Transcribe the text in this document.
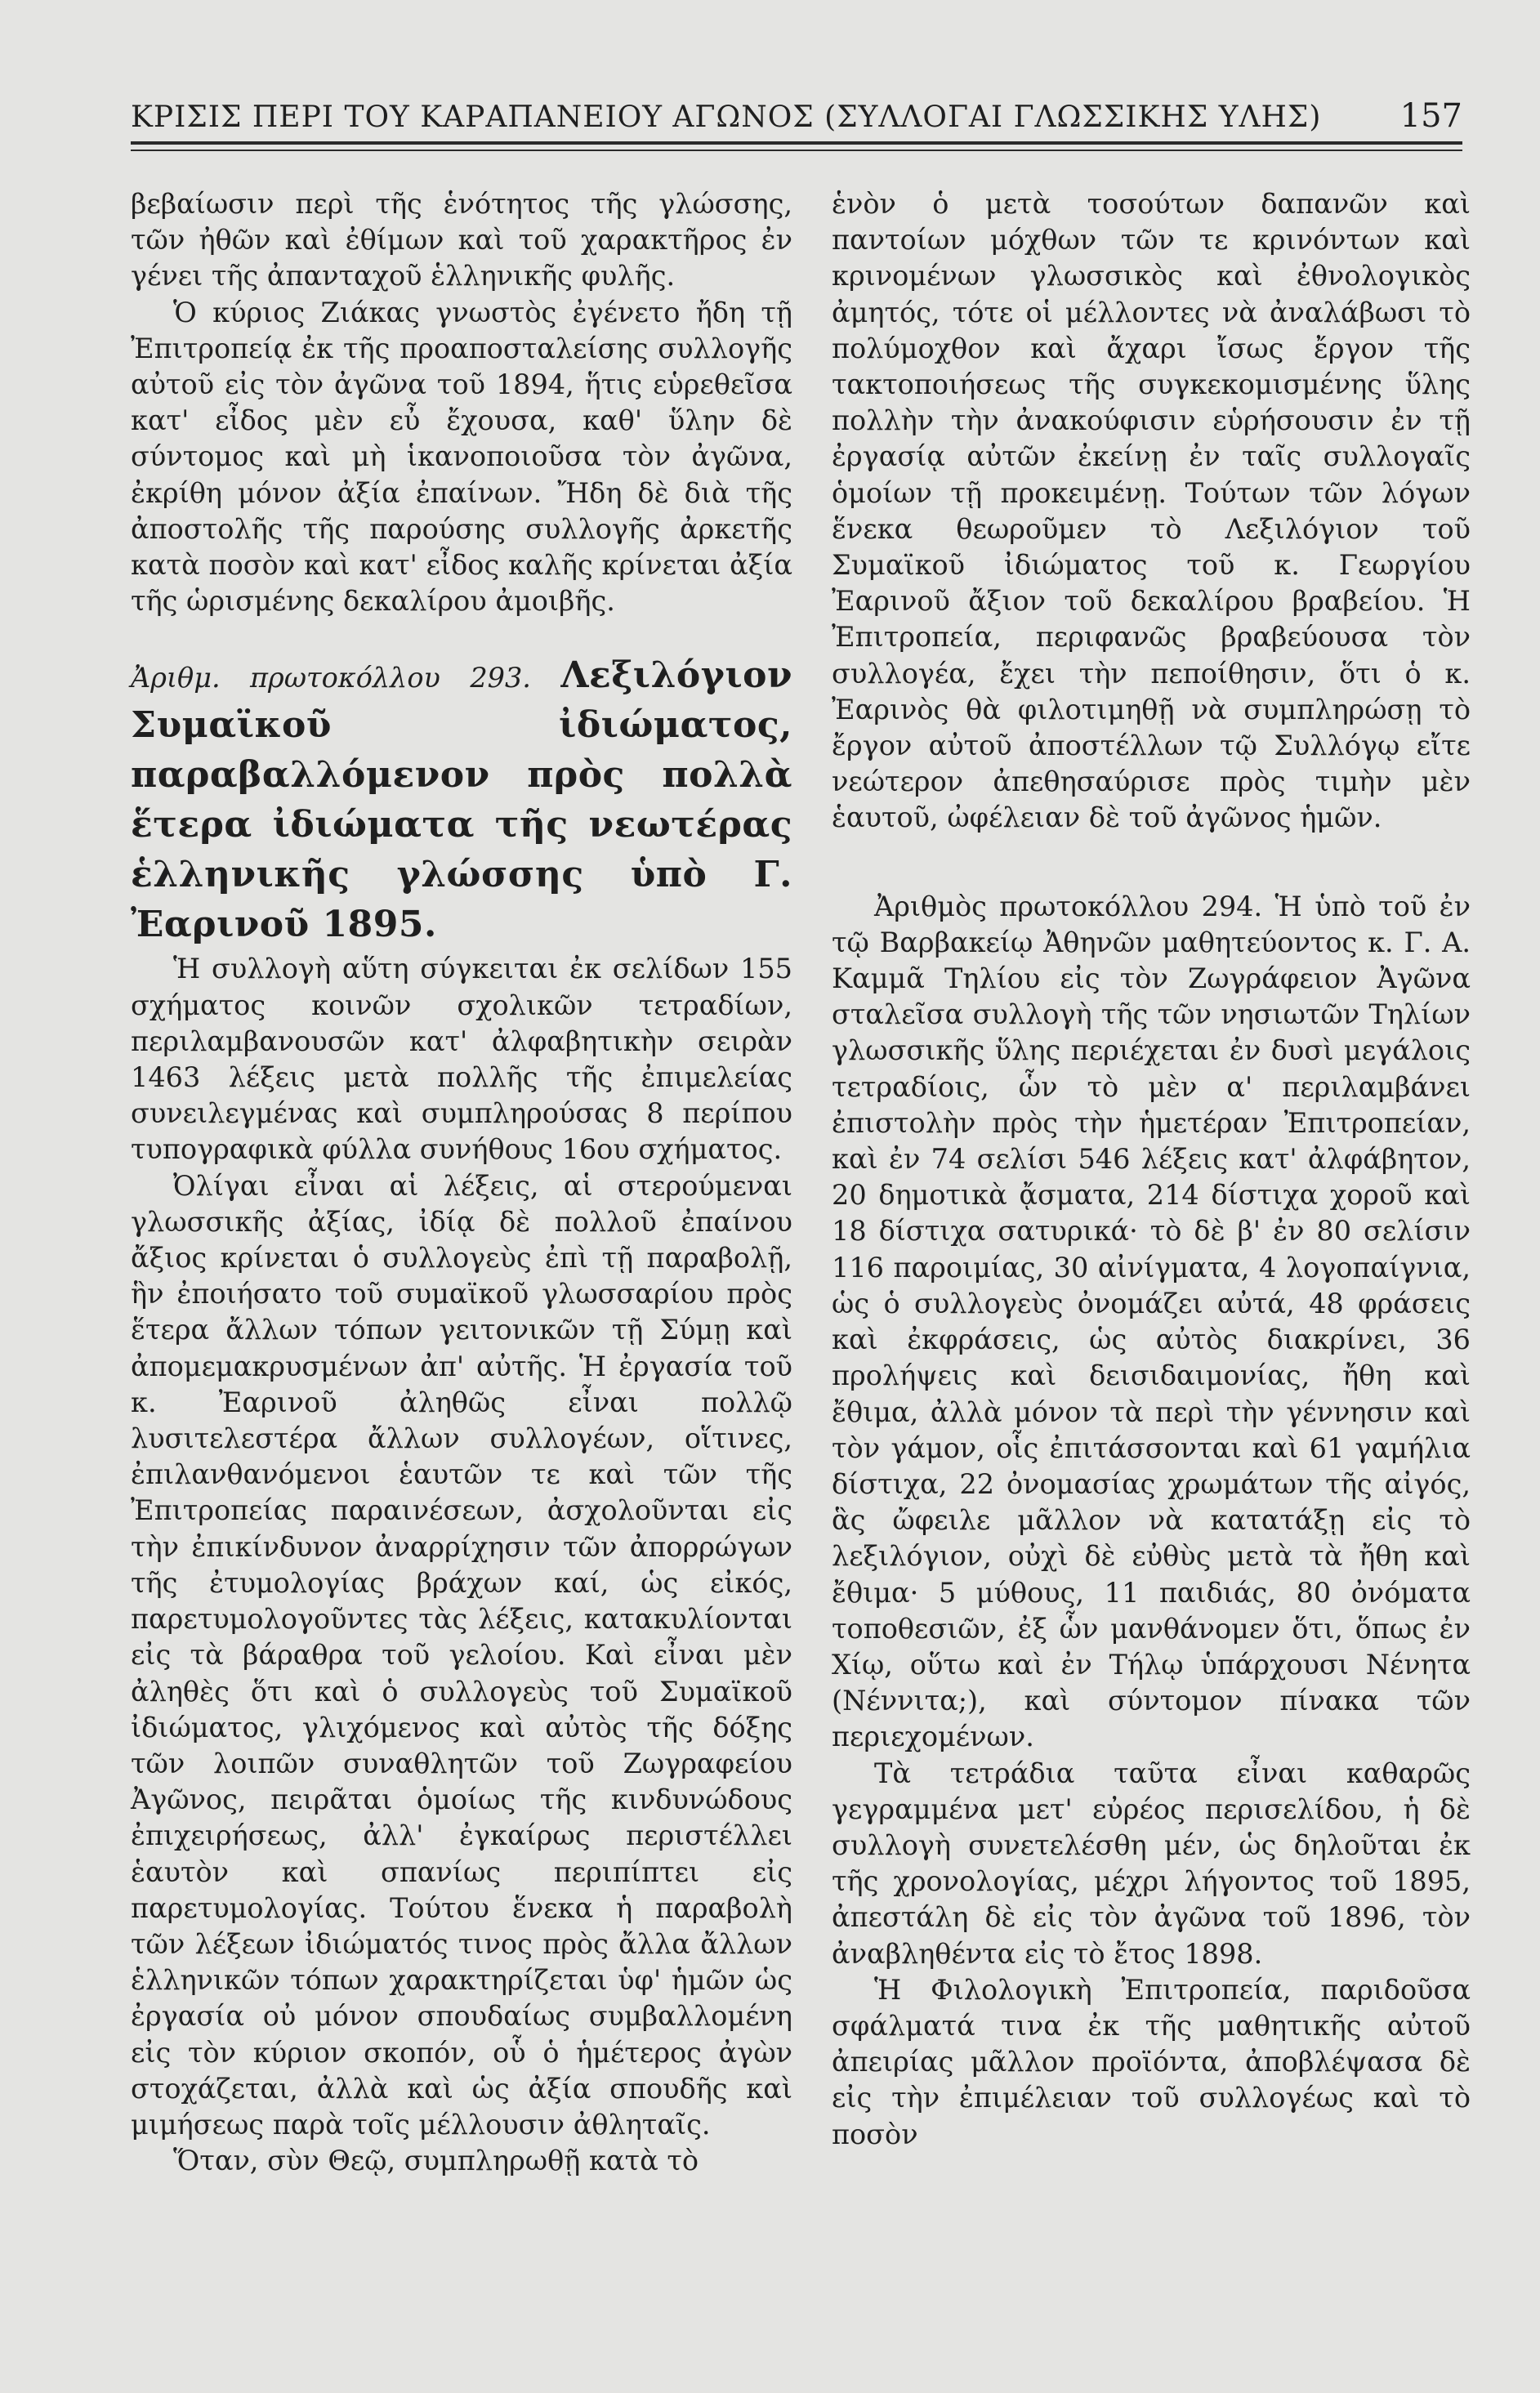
ΚΡΙΣΙΣ ΠΕΡΙ ΤΟΥ ΚΑΡΑΠΑΝΕΙΟΥ ΑΓΩΝΟΣ (ΣΥΛΛΟΓΑΙ ΓΛΩΣΣΙΚΗΣ ΥΛΗΣ) 157

βεβαίωσιν περὶ τῆς ἑνότητος τῆς γλώσσης, τῶν ἠθῶν καὶ ἐθίμων καὶ τοῦ χαρακτῆρος ἐν γένει τῆς ἀπανταχοῦ ἑλληνικῆς φυλῆς.

Ὁ κύριος Ζιάκας γνωστὸς ἐγένετο ἤδη τῇ Ἐπιτροπείᾳ ἐκ τῆς προαποσταλείσης συλλογῆς αὐτοῦ εἰς τὸν ἀγῶνα τοῦ 1894, ἥτις εὑρεθεῖσα κατ' εἶδος μὲν εὖ ἔχουσα, καθ' ὕλην δὲ σύντομος καὶ μὴ ἱκανοποιοῦσα τὸν ἀγῶνα, ἐκρίθη μόνον ἀξία ἐπαίνων. Ἤδη δὲ διὰ τῆς ἀποστολῆς τῆς παρούσης συλλογῆς ἀρκετῆς κατὰ ποσὸν καὶ κατ' εἶδος καλῆς κρίνεται ἀξία τῆς ὡρισμένης δεκαλίρου ἀμοιβῆς.

Ἀριθμ. πρωτοκόλλου 293. Λεξιλόγιον Συμαϊκοῦ ἰδιώματος, παραβαλλόμενον πρὸς πολλὰ ἕτερα ἰδιώματα τῆς νεωτέρας ἑλληνικῆς γλώσσης ὑπὸ Γ. Ἐαρινοῦ 1895.

Ἡ συλλογὴ αὕτη σύγκειται ἐκ σελίδων 155 σχήματος κοινῶν σχολικῶν τετραδίων, περιλαμβανουσῶν κατ' ἀλφαβητικὴν σειρὰν 1463 λέξεις μετὰ πολλῆς τῆς ἐπιμελείας συνειλεγμένας καὶ συμπληρούσας 8 περίπου τυπογραφικὰ φύλλα συνήθους 16ου σχήματος.

Ὀλίγαι εἶναι αἱ λέξεις, αἱ στερούμεναι γλωσσικῆς ἀξίας, ἰδίᾳ δὲ πολλοῦ ἐπαίνου ἄξιος κρίνεται ὁ συλλογεὺς ἐπὶ τῇ παραβολῇ, ἣν ἐποιήσατο τοῦ συμαϊκοῦ γλωσσαρίου πρὸς ἕτερα ἄλλων τόπων γειτονικῶν τῇ Σύμῃ καὶ ἀπομεμακρυσμένων ἀπ' αὐτῆς. Ἡ ἐργασία τοῦ κ. Ἐαρινοῦ ἀληθῶς εἶναι πολλῷ λυσιτελεστέρα ἄλλων συλλογέων, οἵτινες, ἐπιλανθανόμενοι ἑαυτῶν τε καὶ τῶν τῆς Ἐπιτροπείας παραινέσεων, ἀσχολοῦνται εἰς τὴν ἐπικίνδυνον ἀναρρίχησιν τῶν ἀπορρώγων τῆς ἐτυμολογίας βράχων καί, ὡς εἰκός, παρετυμολογοῦντες τὰς λέξεις, κατακυλίονται εἰς τὰ βάραθρα τοῦ γελοίου. Καὶ εἶναι μὲν ἀληθὲς ὅτι καὶ ὁ συλλογεὺς τοῦ Συμαϊκοῦ ἰδιώματος, γλιχόμενος καὶ αὐτὸς τῆς δόξης τῶν λοιπῶν συναθλητῶν τοῦ Ζωγραφείου Ἀγῶνος, πειρᾶται ὁμοίως τῆς κινδυνώδους ἐπιχειρήσεως, ἀλλ' ἐγκαίρως περιστέλλει ἑαυτὸν καὶ σπανίως περιπίπτει εἰς παρετυμολογίας. Τούτου ἕνεκα ἡ παραβολὴ τῶν λέξεων ἰδιώματός τινος πρὸς ἄλλα ἄλλων ἑλληνικῶν τόπων χαρακτηρίζεται ὑφ' ἡμῶν ὡς ἐργασία οὐ μόνον σπουδαίως συμβαλλομένη εἰς τὸν κύριον σκοπόν, οὗ ὁ ἡμέτερος ἀγὼν στοχάζεται, ἀλλὰ καὶ ὡς ἀξία σπουδῆς καὶ μιμήσεως παρὰ τοῖς μέλλουσιν ἀθληταῖς.

Ὅταν, σὺν Θεῷ, συμπληρωθῇ κατὰ τὸ

ἑνὸν ὁ μετὰ τοσούτων δαπανῶν καὶ παντοίων μόχθων τῶν τε κρινόντων καὶ κρινομένων γλωσσικὸς καὶ ἐθνολογικὸς ἀμητός, τότε οἱ μέλλοντες νὰ ἀναλάβωσι τὸ πολύμοχθον καὶ ἄχαρι ἴσως ἔργον τῆς τακτοποιήσεως τῆς συγκεκομισμένης ὕλης πολλὴν τὴν ἀνακούφισιν εὑρήσουσιν ἐν τῇ ἐργασίᾳ αὐτῶν ἐκείνῃ ἐν ταῖς συλλογαῖς ὁμοίων τῇ προκειμένῃ. Τούτων τῶν λόγων ἕνεκα θεωροῦμεν τὸ Λεξιλόγιον τοῦ Συμαϊκοῦ ἰδιώματος τοῦ κ. Γεωργίου Ἐαρινοῦ ἄξιον τοῦ δεκαλίρου βραβείου. Ἡ Ἐπιτροπεία, περιφανῶς βραβεύουσα τὸν συλλογέα, ἔχει τὴν πεποίθησιν, ὅτι ὁ κ. Ἐαρινὸς θὰ φιλοτιμηθῇ νὰ συμπληρώσῃ τὸ ἔργον αὐτοῦ ἀποστέλλων τῷ Συλλόγῳ εἴτε νεώτερον ἀπεθησαύρισε πρὸς τιμὴν μὲν ἑαυτοῦ, ὠφέλειαν δὲ τοῦ ἀγῶνος ἡμῶν.

Ἀριθμὸς πρωτοκόλλου 294. Ἡ ὑπὸ τοῦ ἐν τῷ Βαρβακείῳ Ἀθηνῶν μαθητεύοντος κ. Γ. Α. Καμμᾶ Τηλίου εἰς τὸν Ζωγράφειον Ἀγῶνα σταλεῖσα συλλογὴ τῆς τῶν νησιωτῶν Τηλίων γλωσσικῆς ὕλης περιέχεται ἐν δυσὶ μεγάλοις τετραδίοις, ὧν τὸ μὲν α' περιλαμβάνει ἐπιστολὴν πρὸς τὴν ἡμετέραν Ἐπιτροπείαν, καὶ ἐν 74 σελίσι 546 λέξεις κατ' ἀλφάβητον, 20 δημοτικὰ ᾄσματα, 214 δίστιχα χοροῦ καὶ 18 δίστιχα σατυρικά· τὸ δὲ β' ἐν 80 σελίσιν 116 παροιμίας, 30 αἰνίγματα, 4 λογοπαίγνια, ὡς ὁ συλλογεὺς ὀνομάζει αὐτά, 48 φράσεις καὶ ἐκφράσεις, ὡς αὐτὸς διακρίνει, 36 προλήψεις καὶ δεισιδαιμονίας, ἤθη καὶ ἔθιμα, ἀλλὰ μόνον τὰ περὶ τὴν γέννησιν καὶ τὸν γάμον, οἷς ἐπιτάσσονται καὶ 61 γαμήλια δίστιχα, 22 ὀνομασίας χρωμάτων τῆς αἰγός, ἃς ὤφειλε μᾶλλον νὰ κατατάξῃ εἰς τὸ λεξιλόγιον, οὐχὶ δὲ εὐθὺς μετὰ τὰ ἤθη καὶ ἔθιμα· 5 μύθους, 11 παιδιάς, 80 ὀνόματα τοποθεσιῶν, ἐξ ὧν μανθάνομεν ὅτι, ὅπως ἐν Χίῳ, οὕτω καὶ ἐν Τήλῳ ὑπάρχουσι Νένητα (Νέννιτα;), καὶ σύντομον πίνακα τῶν περιεχομένων.

Τὰ τετράδια ταῦτα εἶναι καθαρῶς γεγραμμένα μετ' εὐρέος περισελίδου, ἡ δὲ συλλογὴ συνετελέσθη μέν, ὡς δηλοῦται ἐκ τῆς χρονολογίας, μέχρι λήγοντος τοῦ 1895, ἀπεστάλη δὲ εἰς τὸν ἀγῶνα τοῦ 1896, τὸν ἀναβληθέντα εἰς τὸ ἔτος 1898.

Ἡ Φιλολογικὴ Ἐπιτροπεία, παριδοῦσα σφάλματά τινα ἐκ τῆς μαθητικῆς αὐτοῦ ἀπειρίας μᾶλλον προϊόντα, ἀποβλέψασα δὲ εἰς τὴν ἐπιμέλειαν τοῦ συλλογέως καὶ τὸ ποσὸν
